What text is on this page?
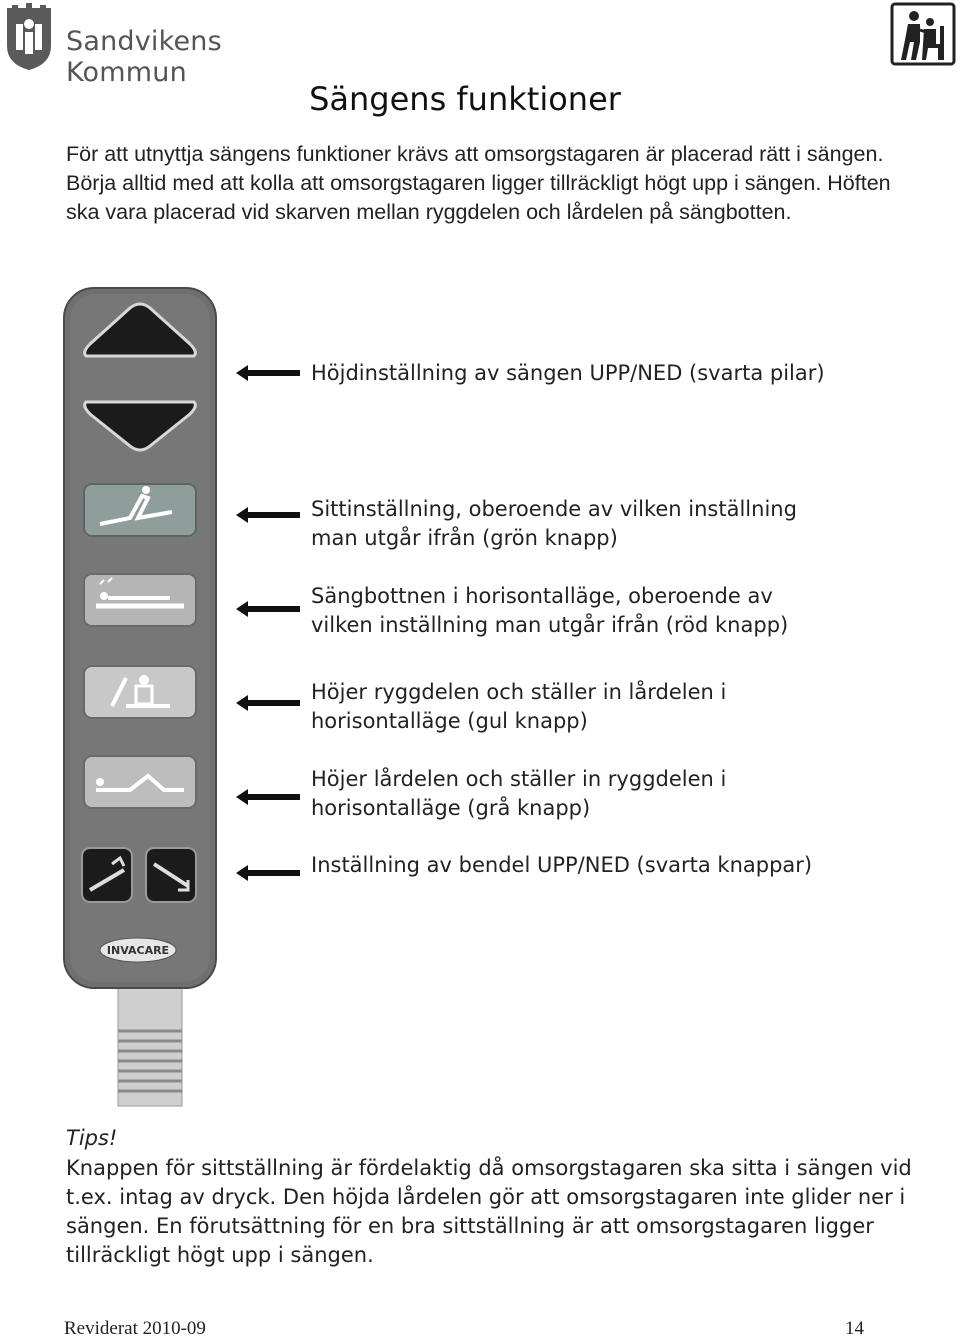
Sandvikens Kommun
Sängens funktioner

För att utnyttja sängens funktioner krävs att omsorgstagaren är placerad rätt i sängen. Börja alltid med att kolla att omsorgstagaren ligger tillräckligt högt upp i sängen. Höften ska vara placerad vid skarven mellan ryggdelen och lårdelen på sängbotten.

INVACARE

Höjdinställning av sängen UPP/NED (svarta pilar)

Sittinställning, oberoende av vilken inställning
man utgår ifrån (grön knapp)

Sängbottnen i horisontalläge, oberoende av
vilken inställning man utgår ifrån (röd knapp)

Höjer ryggdelen och ställer in lårdelen i
horisontalläge (gul knapp)

Höjer lårdelen och ställer in ryggdelen i
horisontalläge (grå knapp)

Inställning av bendel UPP/NED (svarta knappar)

Tips!

Knappen för sittställning är fördelaktig då omsorgstagaren ska sitta i sängen vid t.ex. intag av dryck. Den höjda lårdelen gör att omsorgstagaren inte glider ner i sängen. En förutsättning för en bra sittställning är att omsorgstagaren ligger tillräckligt högt upp i sängen.

Reviderat 2010-09	14
